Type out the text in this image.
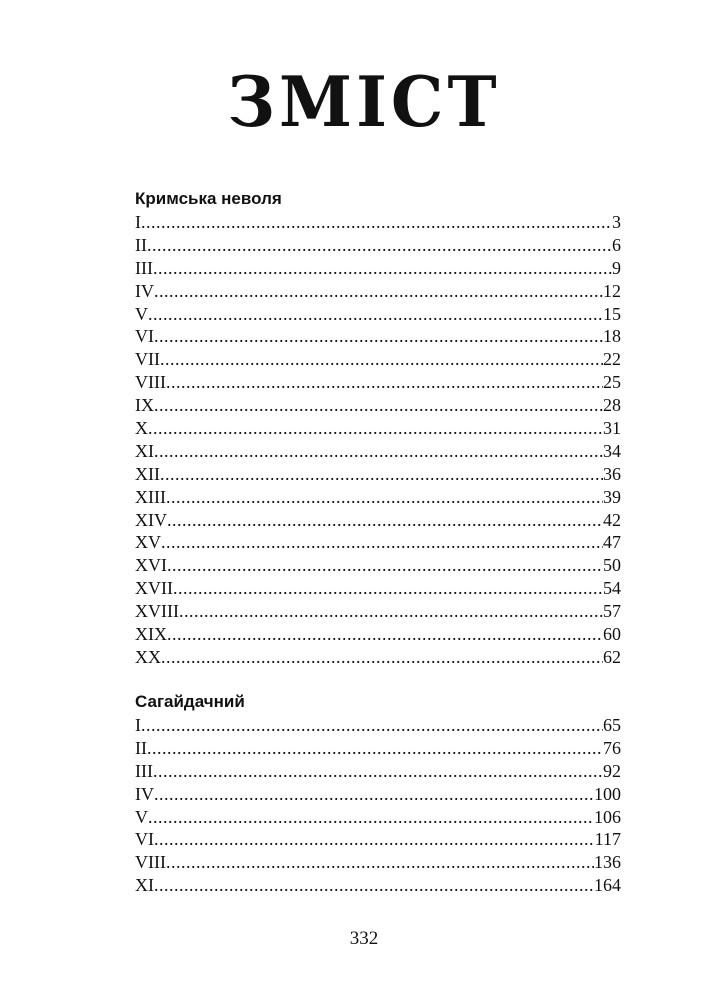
ЗМІСТ
Кримська неволя
I .....	3
II .....	6
III .....	9
IV .....	12
V .....	15
VI .....	18
VII .....	22
VIII .....	25
IX .....	28
X .....	31
XI .....	34
XII .....	36
XIII .....	39
XIV .....	42
XV .....	47
XVI .....	50
XVII .....	54
XVIII .....	57
XIX .....	60
XX .....	62
Сагайдачний
I .....	65
II .....	76
III .....	92
IV .....	100
V .....	106
VI .....	117
VIII .....	136
XI .....	164
332
